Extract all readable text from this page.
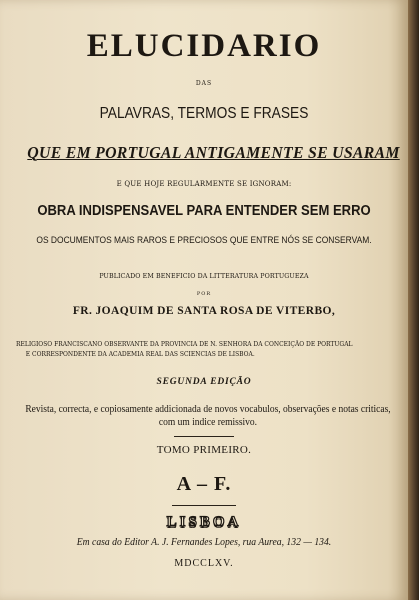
ELUCIDARIO
DAS
PALAVRAS, TERMOS E FRASES
QUE EM PORTUGAL ANTIGAMENTE SE USARAM
E QUE HOJE REGULARMENTE SE IGNORAM:
OBRA INDISPENSAVEL PARA ENTENDER SEM ERRO
OS DOCUMENTOS MAIS RAROS E PRECIOSOS QUE ENTRE NÓS SE CONSERVAM.
PUBLICADO EM BENEFICIO DA LITTERATURA PORTUGUEZA
POR
FR. JOAQUIM DE SANTA ROSA DE VITERBO,
RELIGIOSO FRANCISCANO OBSERVANTE DA PROVINCIA DE N. SENHORA DA CONCEIÇÃO DE PORTUGAL
E CORRESPONDENTE DA ACADEMIA REAL DAS SCIENCIAS DE LISBOA.
SEGUNDA EDIÇÃO
Revista, correcta, e copiosamente addicionada de novos vocabulos, observações e notas criticas, com um indice remissivo.
TOMO PRIMEIRO.
A – F.
LISBOA
Em casa do Editor A. J. Fernandes Lopes, rua Aurea, 132 — 134.
MDCCLXV.
